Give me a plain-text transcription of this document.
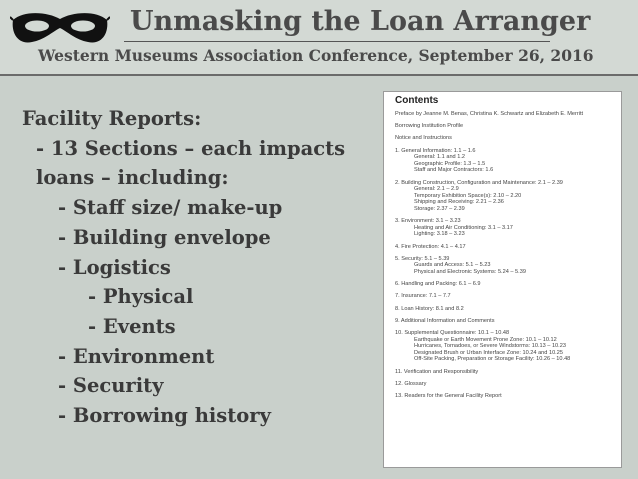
Unmasking the Loan Arranger
Western Museums Association Conference, September 26, 2016
Facility Reports:
- 13 Sections – each impacts
loans – including:
- Staff size/ make-up
- Building envelope
- Logistics
- Physical
- Events
- Environment
- Security
- Borrowing history
Contents
Preface by Jeanne M. Benas, Christina K. Schwartz and Elizabeth E. Merritt
Borrowing Institution Profile
Notice and Instructions
1. General Information: 1.1 – 1.6
General: 1.1 and 1.2
Geographic Profile: 1.3 – 1.5
Staff and Major Contractors: 1.6
2. Building Construction, Configuration and Maintenance: 2.1 – 2.39
General: 2.1 – 2.9
Temporary Exhibition Space(s): 2.10 – 2.20
Shipping and Receiving: 2.21 – 2.36
Storage: 2.37 – 2.39
3. Environment: 3.1 – 3.23
Heating and Air Conditioning: 3.1 – 3.17
Lighting: 3.18 – 3.23
4. Fire Protection: 4.1 – 4.17
5. Security: 5.1 – 5.39
Guards and Access: 5.1 – 5.23
Physical and Electronic Systems: 5.24 – 5.39
6. Handling and Packing: 6.1 – 6.9
7. Insurance: 7.1 – 7.7
8. Loan History: 8.1 and 8.2
9. Additional Information and Comments
10. Supplemental Questionnaire: 10.1 – 10.48
Earthquake or Earth Movement Prone Zone: 10.1 – 10.12
Hurricanes, Tornadoes, or Severe Windstorms: 10.13 – 10.23
Designated Brush or Urban Interface Zone: 10.24 and 10.25
Off-Site Packing, Preparation or Storage Facility: 10.26 – 10.48
11. Verification and Responsibility
12. Glossary
13. Readers for the General Facility Report
